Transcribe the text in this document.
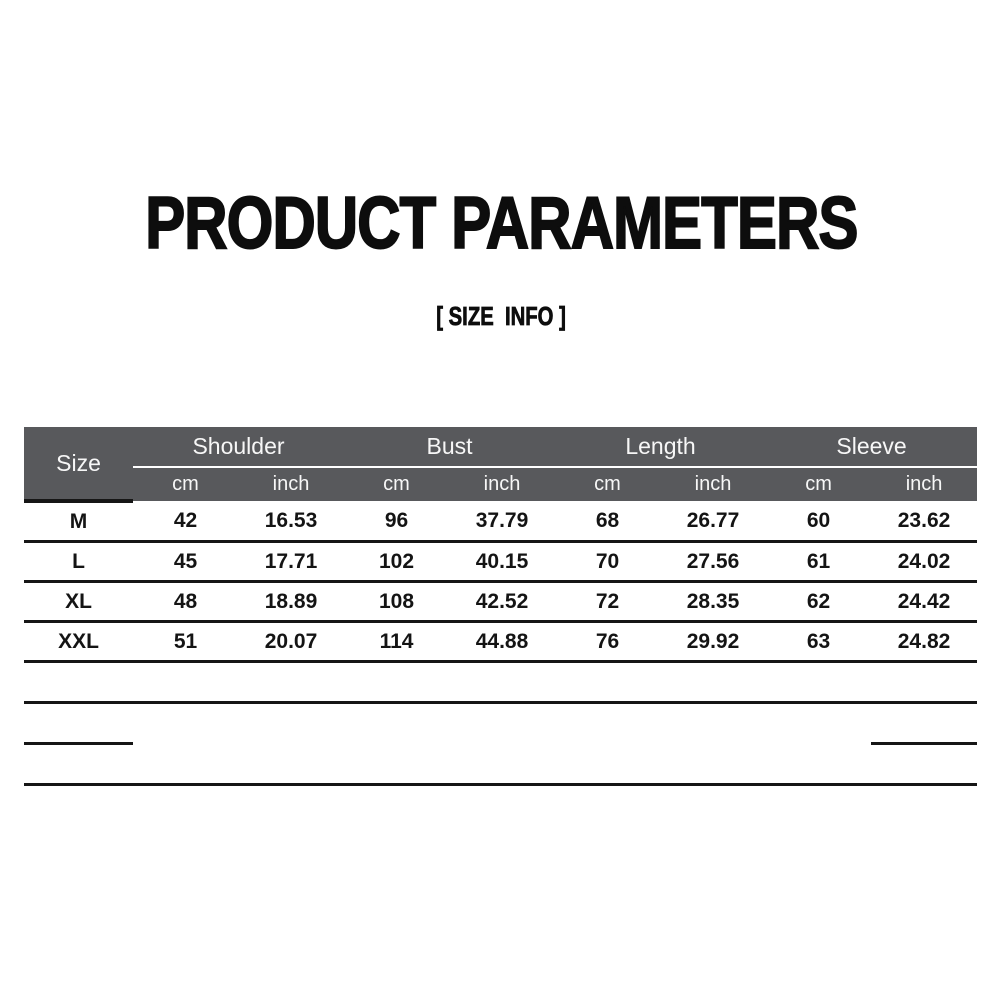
PRODUCT PARAMETERS
[ SIZE  INFO ]
Size	Shoulder		Bust		Length		Sleeve	
	cm	inch	cm	inch	cm	inch	cm	inch
M	42	16.53	96	37.79	68	26.77	60	23.62
L	45	17.71	102	40.15	70	27.56	61	24.02
XL	48	18.89	108	42.52	72	28.35	62	24.42
XXL	51	20.07	114	44.88	76	29.92	63	24.82
